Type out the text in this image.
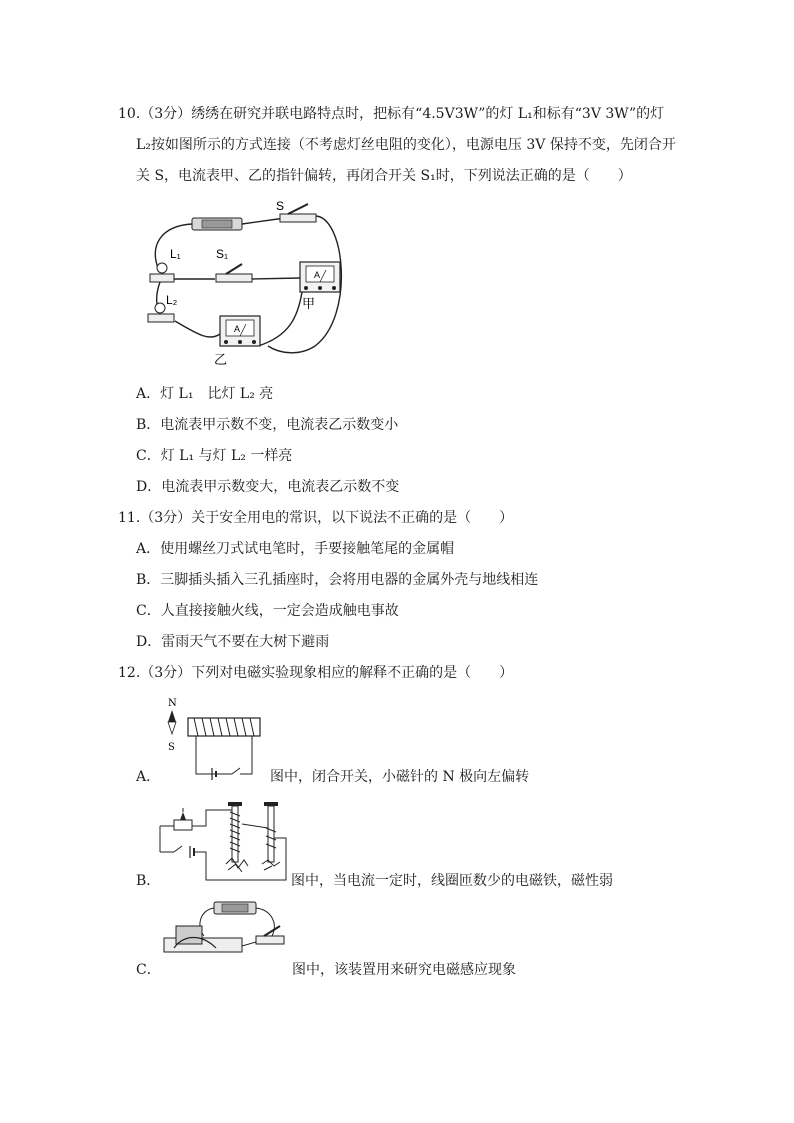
10.（3分）绣绣在研究并联电路特点时，把标有“4.5V3W”的灯 L₁和标有“3V 3W”的灯
L₂按如图所示的方式连接（不考虑灯丝电阻的变化），电源电压 3V 保持不变，先闭合开
关 S，电流表甲、乙的指针偏转，再闭合开关 S₁时，下列说法正确的是（　　）
S
L₁	S₁
L₂
A
A
甲
乙
A．灯 L₁　比灯 L₂ 亮
B．电流表甲示数不变，电流表乙示数变小
C．灯 L₁ 与灯 L₂ 一样亮
D．电流表甲示数变大，电流表乙示数不变
11.（3分）关于安全用电的常识，以下说法不正确的是（　　）
A．使用螺丝刀式试电笔时，手要接触笔尾的金属帽
B．三脚插头插入三孔插座时，会将用电器的金属外壳与地线相连
C．人直接接触火线，一定会造成触电事故
D．雷雨天气不要在大树下避雨
12.（3分）下列对电磁实验现象相应的解释不正确的是（　　）
N
S
A．	图中，闭合开关，小磁针的 N 极向左偏转
B．	图中，当电流一定时，线圈匝数少的电磁铁，磁性弱
C．	图中，该装置用来研究电磁感应现象
